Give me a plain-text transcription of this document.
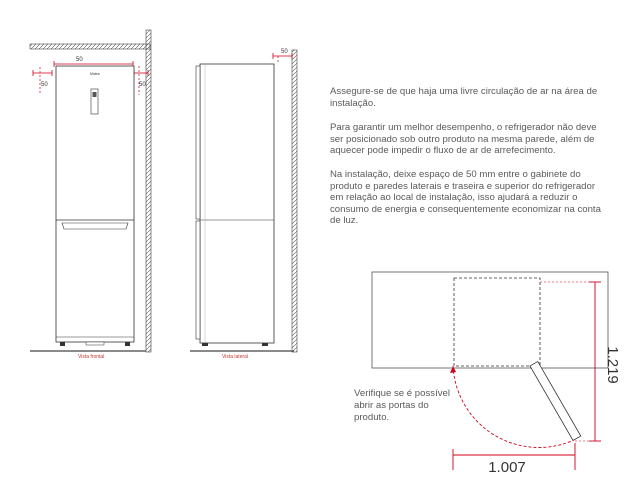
50
50	50
Midea
Vista frontal
50
Vista lateral	1.219
1.007

Assegure-se de que haja uma livre circulação de ar na área de instalação.

Para garantir um melhor desempenho, o refrigerador não deve ser posicionado sob outro produto na mesma parede, além de aquecer pode impedir o fluxo de ar de arrefecimento.

Na instalação, deixe espaço de 50 mm entre o gabinete do produto e paredes laterais e traseira e superior do refrigerador em relação ao local de instalação, isso ajudará a reduzir o consumo de energia e consequentemente economizar na conta de luz.

Verifique se é possível abrir as portas do produto.
